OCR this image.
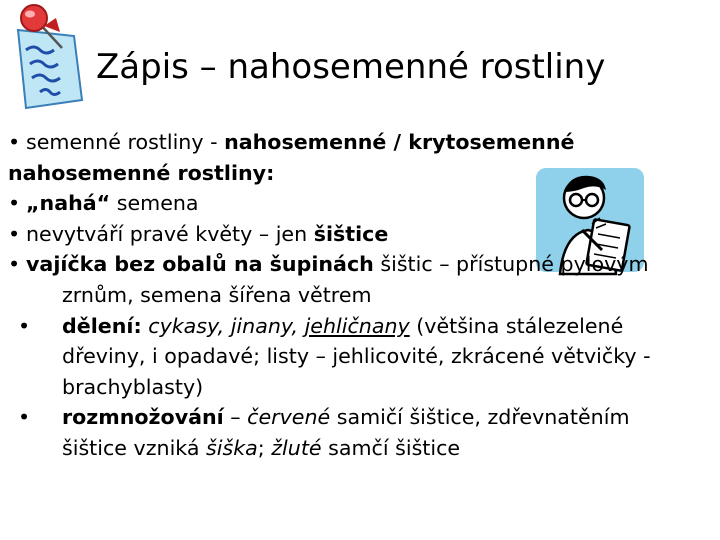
Zápis – nahosemenné rostliny
• semenné rostliny - nahosemenné / krytosemenné
nahosemenné rostliny:
• „nahá“ semena
• nevytváří pravé květy – jen šištice
• vajíčka bez obalů na šupinách šištic – přístupné pylovým
zrnům, semena šířena větrem
• dělení: cykasy, jinany, jehličnany (většina stálezelené
dřeviny, i opadavé; listy – jehlicovité, zkrácené větvičky -
brachyblasty)
• rozmnožování – červené samičí šištice, zdřevnatěním
šištice vzniká šiška; žluté samčí šištice
